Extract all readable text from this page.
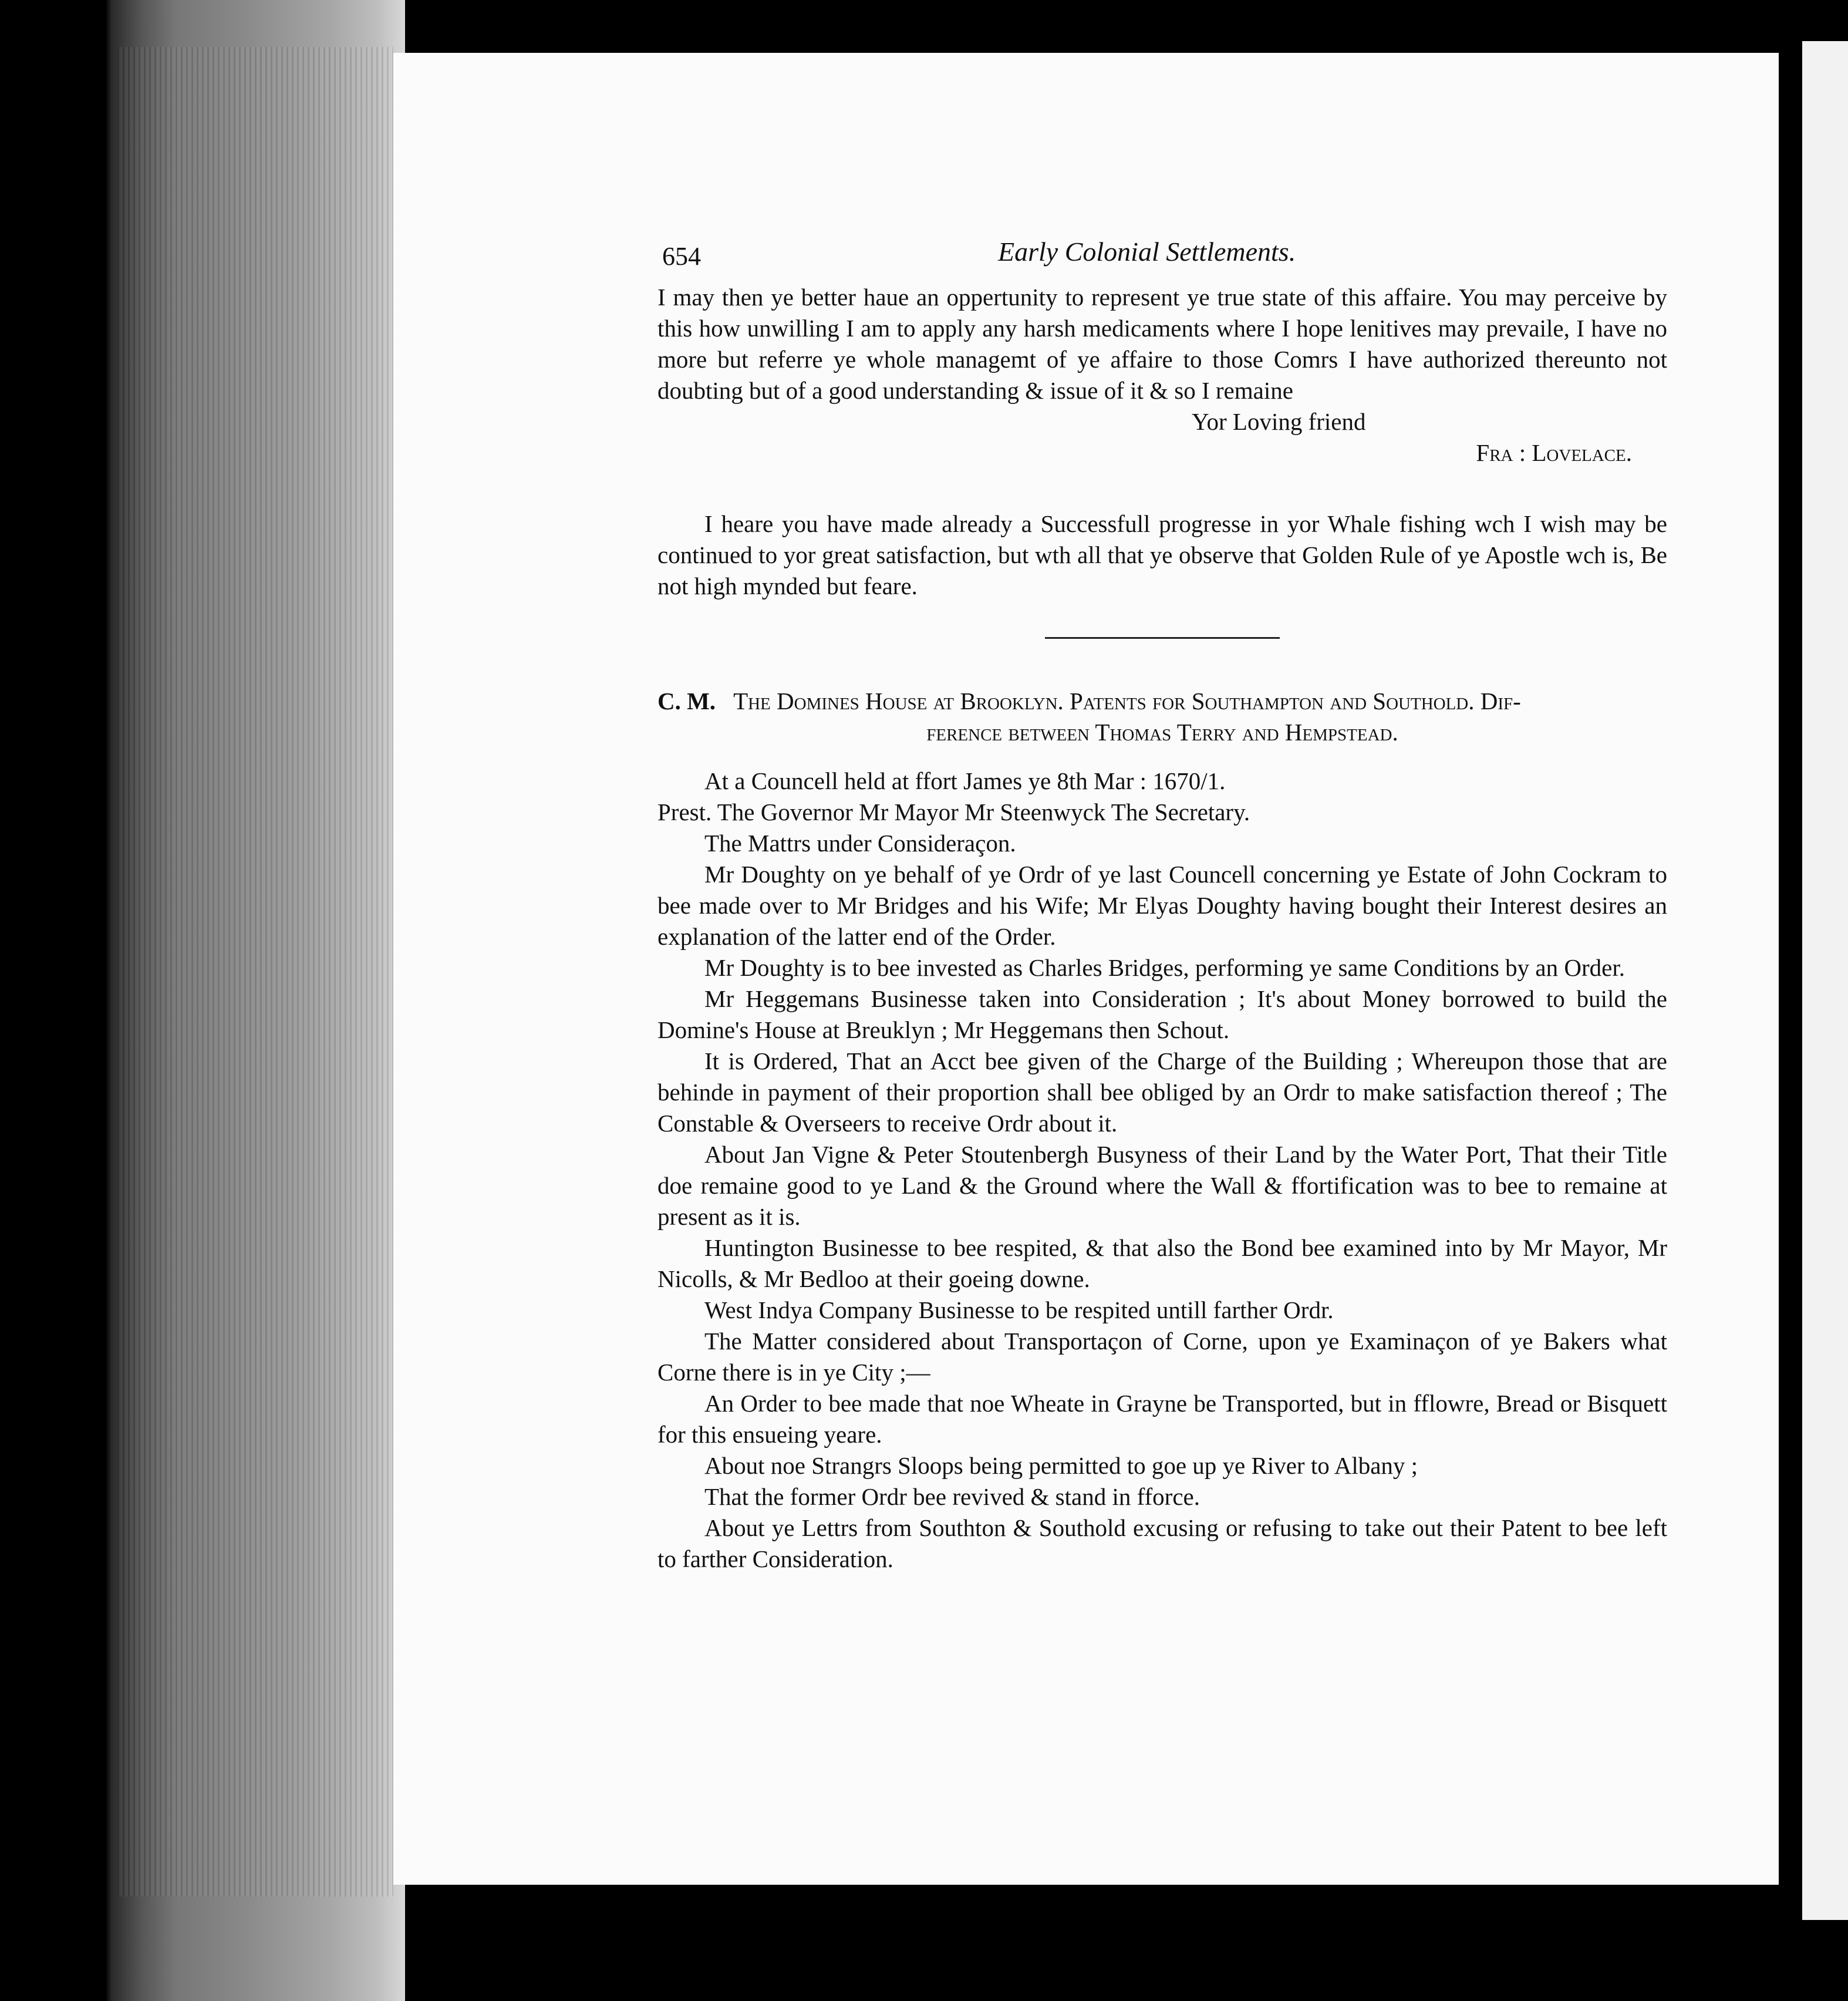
654	Early Colonial Settlements.

I may then ye better haue an oppertunity to represent ye true state of this affaire. You may perceive by this how unwilling I am to apply any harsh medicaments where I hope lenitives may prevaile, I have no more but referre ye whole managemt of ye affaire to those Comrs I have authorized thereunto not doubting but of a good understanding & issue of it & so I remaine

Yor Loving friend

Fra : Lovelace.

I heare you have made already a Successfull progresse in yor Whale fishing wch I wish may be continued to yor great satisfaction, but wth all that ye observe that Golden Rule of ye Apostle wch is, Be not high mynded but feare.

C. M. The Domines House at Brooklyn. Patents for Southampton and Southold. Dif-

ference between Thomas Terry and Hempstead.

At a Councell held at ffort James ye 8th Mar : 1670/1.

Prest. The Governor Mr Mayor Mr Steenwyck The Secretary.

The Mattrs under Consideraçon.

Mr Doughty on ye behalf of ye Ordr of ye last Councell concerning ye Estate of John Cockram to bee made over to Mr Bridges and his Wife; Mr Elyas Doughty having bought their Interest desires an explanation of the latter end of the Order.

Mr Doughty is to bee invested as Charles Bridges, performing ye same Conditions by an Order.

Mr Heggemans Businesse taken into Consideration ; It's about Money borrowed to build the Domine's House at Breuklyn ; Mr Heggemans then Schout.

It is Ordered, That an Acct bee given of the Charge of the Building ; Whereupon those that are behinde in payment of their proportion shall bee obliged by an Ordr to make satisfaction thereof ; The Constable & Overseers to receive Ordr about it.

About Jan Vigne & Peter Stoutenbergh Busyness of their Land by the Water Port, That their Title doe remaine good to ye Land & the Ground where the Wall & ffortification was to bee to remaine at present as it is.

Huntington Businesse to bee respited, & that also the Bond bee examined into by Mr Mayor, Mr Nicolls, & Mr Bedloo at their goeing downe.

West Indya Company Businesse to be respited untill farther Ordr.

The Matter considered about Transportaçon of Corne, upon ye Examinaçon of ye Bakers what Corne there is in ye City ;—

An Order to bee made that noe Wheate in Grayne be Transported, but in fflowre, Bread or Bisquett for this ensueing yeare.

About noe Strangrs Sloops being permitted to goe up ye River to Albany ;

That the former Ordr bee revived & stand in fforce.

About ye Lettrs from Southton & Southold excusing or refusing to take out their Patent to bee left to farther Consideration.
